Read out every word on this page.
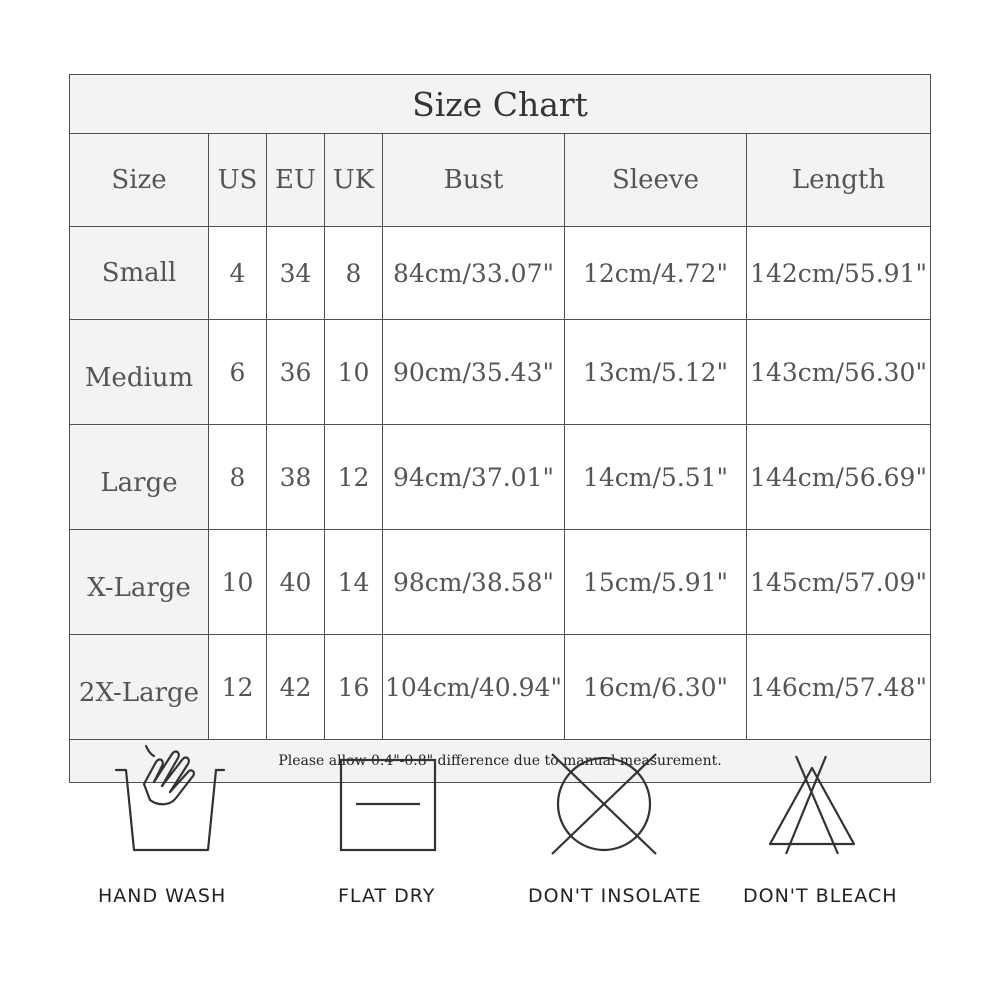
Size Chart						
Size	US	EU	UK	Bust	Sleeve	Length
Small	4	34	8	84cm/33.07"	12cm/4.72"	142cm/55.91"
Medium	6	36	10	90cm/35.43"	13cm/5.12"	143cm/56.30"
Large	8	38	12	94cm/37.01"	14cm/5.51"	144cm/56.69"
X-Large	10	40	14	98cm/38.58"	15cm/5.91"	145cm/57.09"
2X-Large	12	42	16	104cm/40.94"	16cm/6.30"	146cm/57.48"
Please allow 0.4"-0.8" difference due to manual measurement.						
HAND WASH	FLAT DRY	DON'T INSOLATE DON'T BLEACH
